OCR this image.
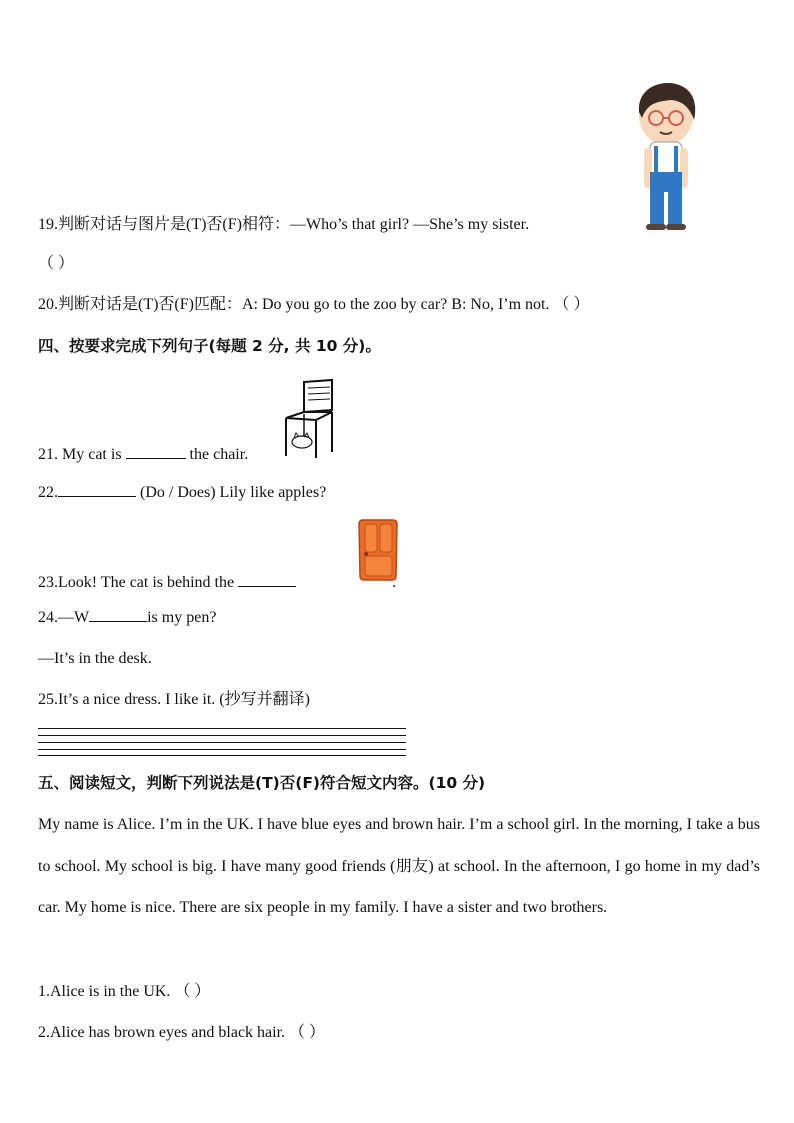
19.判断对话与图片是(T)否(F)相符：—Who’s that girl? —She’s my sister.
（ ）
20.判断对话是(T)否(F)匹配：A: Do you go to the zoo by car? B: No, I’m not. （ ）
四、按要求完成下列句子(每题 2 分, 共 10 分)。
21. My cat is	the chair.
22.	(Do / Does) Lily like apples?
23.Look! The cat is behind the	.
24.—W	is my pen?
—It’s in the desk.
25.It’s a nice dress. I like it. (抄写并翻译)
五、阅读短文，判断下列说法是(T)否(F)符合短文内容。(10 分)
My name is Alice. I’m in the UK. I have blue eyes and brown hair. I’m a school girl. In the morning, I take a bus to school. My school is big. I have many good friends (朋友) at school. In the afternoon, I go home in my dad’s car. My home is nice. There are six people in my family. I have a sister and two brothers.
1.Alice is in the UK. （ ）
2.Alice has brown eyes and black hair. （ ）
